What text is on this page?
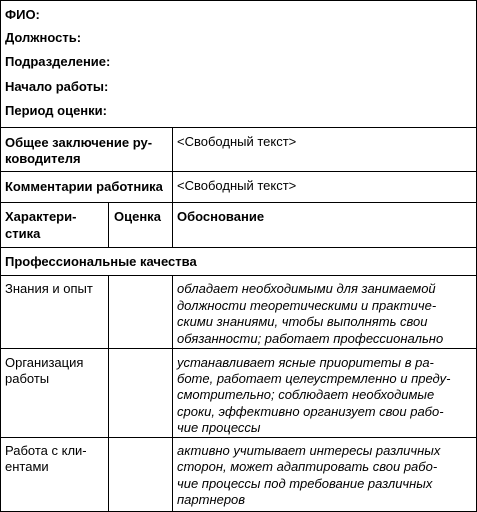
ФИО:
Должность:
Подразделение:
Начало работы:
Период оценки:
Общее заключение ру-
ководителя
<Свободный текст>
Комментарии работника <Свободный текст>
Характери-
стика
Оценка Обоснование
Профессиональные качества
Знания и опыт	обладает необходимыми для занимаемой
должности теоретическими и практиче-
скими знаниями, чтобы выполнять свои
обязанности; работает профессионально
Организация
работы
устанавливает ясные приоритеты в ра-
боте, работает целеустремленно и преду-
смотрительно; соблюдает необходимые
сроки, эффективно организует свои рабо-
чие процессы
Работа с кли-
ентами
активно учитывает интересы различных
сторон, может адаптировать свои рабо-
чие процессы под требование различных
партнеров
